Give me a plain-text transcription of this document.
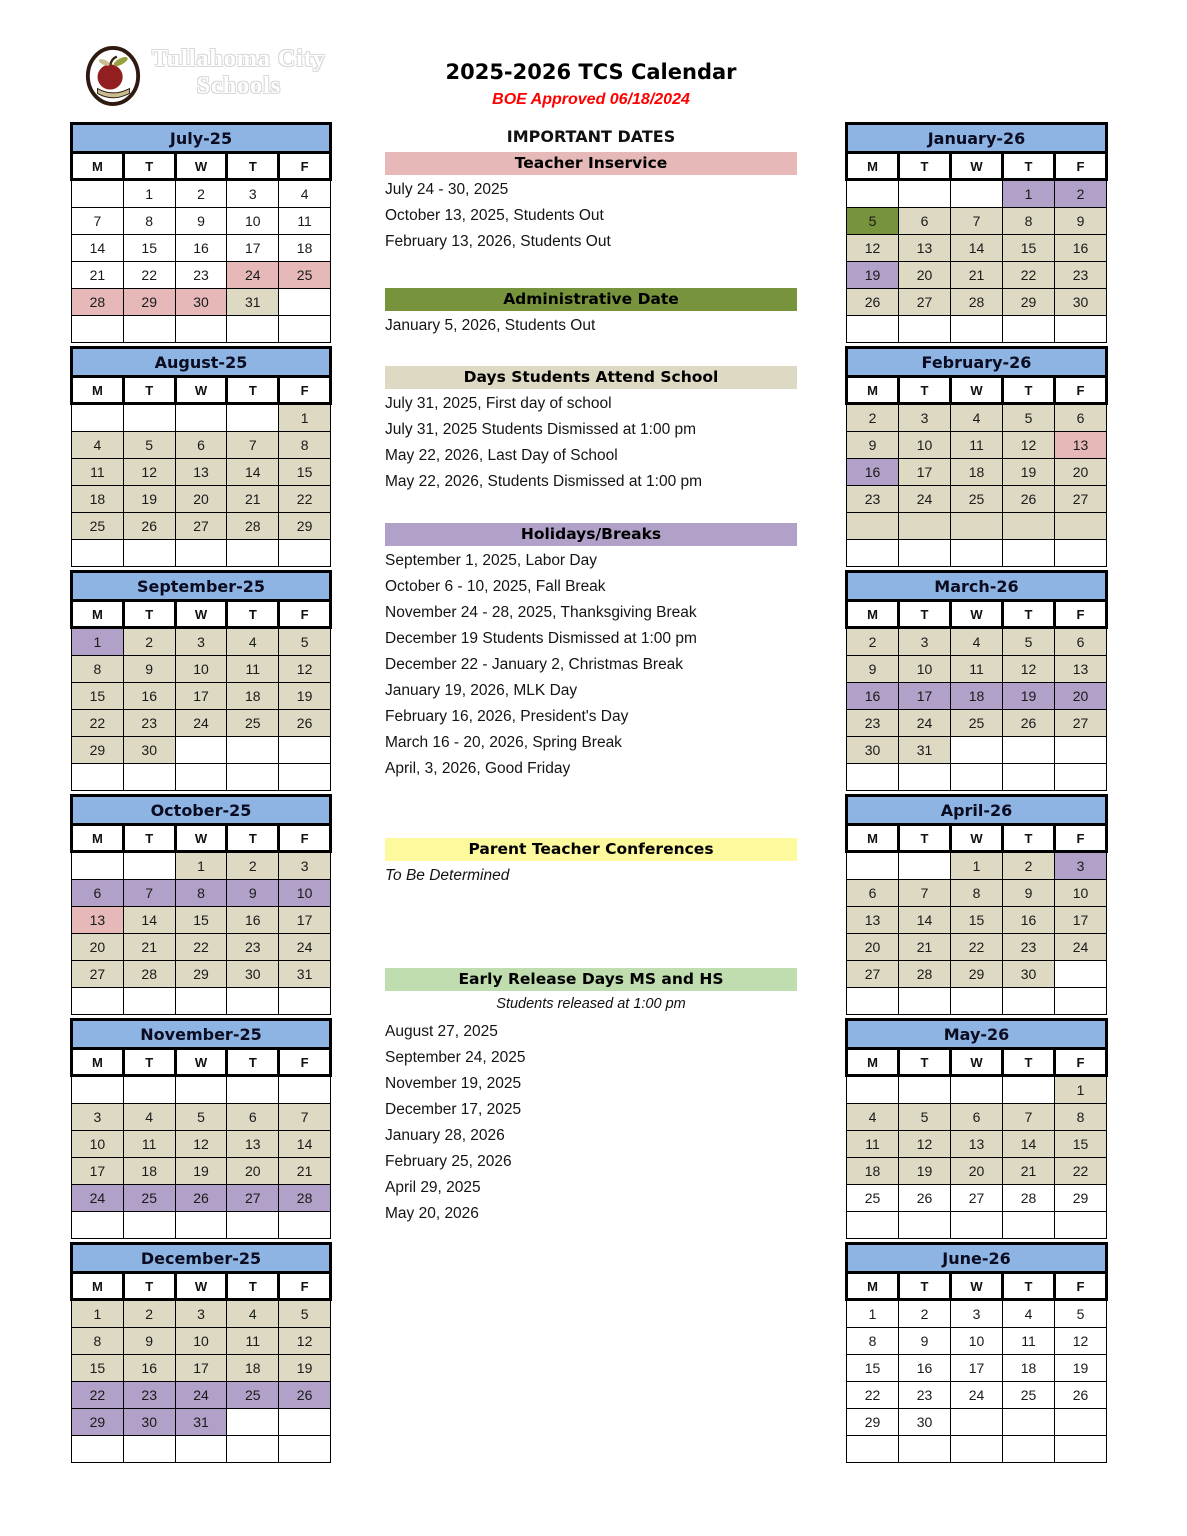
Tullahoma City
Schools
2025-2026 TCS Calendar
BOE Approved 06/18/2024
July-25				
M	T	W	T	F
	1	2	3	4
7	8	9	10	11
14	15	16	17	18
21	22	23	24	25
28	29	30	31	

August-25				
M	T	W	T	F
				1
4	5	6	7	8
11	12	13	14	15
18	19	20	21	22
25	26	27	28	29

September-25				
M	T	W	T	F
1	2	3	4	5
8	9	10	11	12
15	16	17	18	19
22	23	24	25	26
29	30			

October-25				
M	T	W	T	F
		1	2	3
6	7	8	9	10
13	14	15	16	17
20	21	22	23	24
27	28	29	30	31

November-25				
M	T	W	T	F

3	4	5	6	7
10	11	12	13	14
17	18	19	20	21
24	25	26	27	28

December-25				
M	T	W	T	F
1	2	3	4	5
8	9	10	11	12
15	16	17	18	19
22	23	24	25	26
29	30	31		

IMPORTANT DATES
Teacher Inservice
July 24 - 30, 2025
October 13, 2025, Students Out
February 13, 2026, Students Out
Administrative Date
January 5, 2026, Students Out
Days Students Attend School
July 31, 2025, First day of school
July 31, 2025 Students Dismissed at 1:00 pm
May 22, 2026, Last Day of School
May 22, 2026, Students Dismissed at 1:00 pm
Holidays/Breaks
September 1, 2025, Labor Day
October 6 - 10, 2025, Fall Break
November 24 - 28, 2025, Thanksgiving Break
December 19 Students Dismissed at 1:00 pm
December 22 - January 2, Christmas Break
January 19, 2026, MLK Day
February 16, 2026, President's Day
March 16 - 20, 2026, Spring Break
April, 3, 2026, Good Friday
Parent Teacher Conferences
To Be Determined
Early Release Days MS and HS
Students released at 1:00 pm
August 27, 2025
September 24, 2025
November 19, 2025
December 17, 2025
January 28, 2026
February 25, 2026
April 29, 2025
May 20, 2026
January-26				
M	T	W	T	F
			1	2
5	6	7	8	9
12	13	14	15	16
19	20	21	22	23
26	27	28	29	30

February-26				
M	T	W	T	F
2	3	4	5	6
9	10	11	12	13
16	17	18	19	20
23	24	25	26	27

March-26				
M	T	W	T	F
2	3	4	5	6
9	10	11	12	13
16	17	18	19	20
23	24	25	26	27
30	31			

April-26				
M	T	W	T	F
		1	2	3
6	7	8	9	10
13	14	15	16	17
20	21	22	23	24
27	28	29	30	

May-26				
M	T	W	T	F
				1
4	5	6	7	8
11	12	13	14	15
18	19	20	21	22
25	26	27	28	29

June-26				
M	T	W	T	F
1	2	3	4	5
8	9	10	11	12
15	16	17	18	19
22	23	24	25	26
29	30			
